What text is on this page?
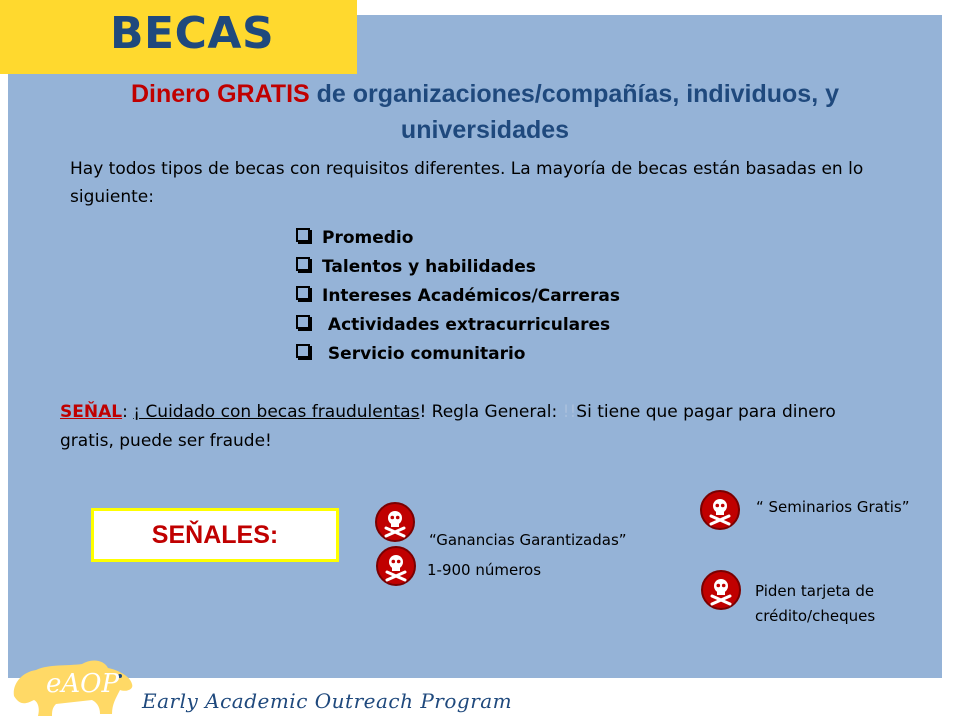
BECAS
Dinero GRATIS de organizaciones/compañías, individuos, y universidades
Hay todos tipos de becas con requisitos diferentes. La mayoría de becas están basadas en lo siguiente:
Promedio
Talentos y habilidades
Intereses Académicos/Carreras
Actividades extracurriculares
Servicio comunitario
SEŇAL: ¡ Cuidado con becas fraudulentas! Regla General: !!Si tiene que pagar para dinero gratis, puede ser fraude!
SEŇALES:	“Ganancias Garantizadas”
“ Seminarios Gratis”
1-900 números
Piden tarjeta de crédito/cheques
eAOP
Early Academic Outreach Program
